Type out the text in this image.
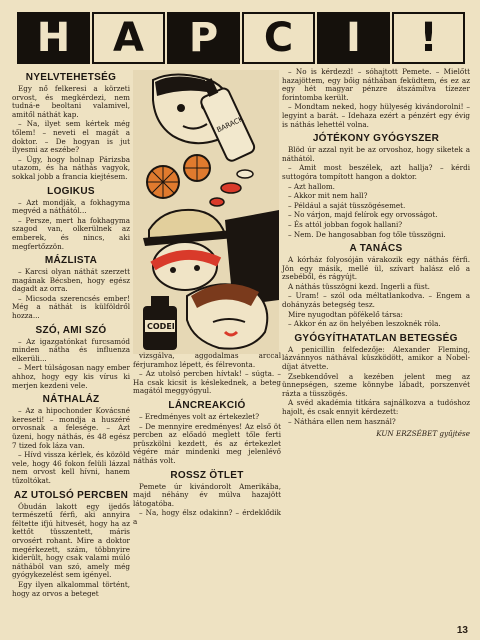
H	A	P	C	I	!
NYELVTEHETSÉG

Egy nő felkeresi a körzeti orvost, és megkérdezi, nem tudná-e beoltani valamivel, amitől náthát kap.

– Na, ilyet sem kértek még tőlem! – neveti el magát a doktor. – De hogyan is jut ilyesmi az eszébe?

– Úgy, hogy holnap Párizsba utazom, és ha náthás vagyok, sokkal jobb a francia kiejtésem.

LOGIKUS

– Azt mondják, a fokhagyma megvéd a náthától...

– Persze, mert ha fokhagyma szagod van, olkerülnek az emberek, és nincs, aki megfertőzzön.

MÁZLISTA

– Karcsi olyan náthát szerzett magának Bécsben, hogy egész dagadt az orra.

– Micsoda szerencsés ember! Még a náthát is külföldről hozza...

SZÓ, AMI SZÓ

– Az igazgatónkat furcsamód minden nátha és influenza elkerüli...

– Mert túlságosan nagy ember ahhoz, hogy egy kis vírus ki merjen kezdeni vele.

NÁTHALÁZ

– Az a hipochonder Kovácsné kereseti! – mondja a huszéré orvosnak a felesége. – Azt üzeni, hogy náthás, és 48 egész 7 tized fok láza van.

– Hívd vissza kérlek, és közöld vele, hogy 46 fokon felüli lázzal nem orvost kell hívni, hanem tűzoltókat.

AZ UTOLSÓ PERCBEN

Óbudán lakott egy ijedős természetű férfi, aki annyira féltette ifjú hitvesét, hogy ha az kettőt tüsszentett, máris orvosért rohant. Mire a doktor megérkezett, szám, többnyire kiderült, hogy csak valami múló náthából van szó, amely még gyógykezelést sem igényel.

Egy ilyen alkalommal történt, hogy az orvos a beteget

BARACK
CODEI

vizsgálva, aggodalmas arccal férjuramhoz lépett, és félrevonta.

– Az utolsó percben hívtak! – súgta. – Ha csak kicsit is késlekednek, a beteg magától meggyógyul.

LÁNCREAKCIÓ

– Eredményes volt az értekezlet?

– De mennyire eredményes! Az első öt percben az előadó meglett tőle ferti prüszkölni kezdett, és az értekezlet végére már mindenki meg jelenlévő náthás volt.

ROSSZ ÖTLET

Pemete úr kivándorolt Amerikába, majd néhány év múlva hazajött látogatóba.

– Na, hogy élsz odakinn? – érdeklődik a

– No is kérdezd! – sóhajtott Pemete. – Mielőtt hazajöttem, egy bőig náthában feküdtem, és ez az egy hét magyar pénzre átszámítva tízezer forintomba került.

– Mondtam neked, hogy hülyeség kivándorolni! – legyint a barát. – Idehaza ezért a pénzért egy évig is náthás lehettél volna.

JÓTÉKONY GYÓGYSZER

Blöd úr azzal nyit be az orvoshoz, hogy siketek a náthától.

– Amit most beszélek, azt hallja? – kérdi suttogóra tompított hangon a doktor.

– Azt hallom.

– Akkor mit nem hall?

– Például a saját tüsszögésemet.

– No várjon, majd felírok egy orvosságot.

– És attól jobban fogok hallani?

– Nem. De hangosabban fog tőle tüsszögni.

A TANÁCS

A kórház folyosóján várakozik egy náthás férfi. Jön egy másik, mellé ül, szívart halász elő a zsebéből, és rágyújt.

A náthás tüsszögni kezd. Ingerli a füst.

– Uram! – szól oda méltatlankodva. – Engem a dohányzás betegség tesz.

Mire nyugodtan pöfékelő társa:

– Akkor én az ön helyében leszoknék róla.

GYÓGYÍTHATATLAN BETEGSÉG

A penicillin felfedezője: Alexander Fleming, lázvánnyos náthával küszködött, amikor a Nobel-díjat átvette.

Zsebkendővel a kezében jelent meg az ünnepségen, szeme könnybe lábadt, porszenvét rázta a tüsszögés.

A svéd akadémia titkára sajnálkozva a tudóshoz hajolt, és csak ennyit kérdezett:

– Náthára ellen nem használ?

KUN ERZSÉBET gyűjtése
13
